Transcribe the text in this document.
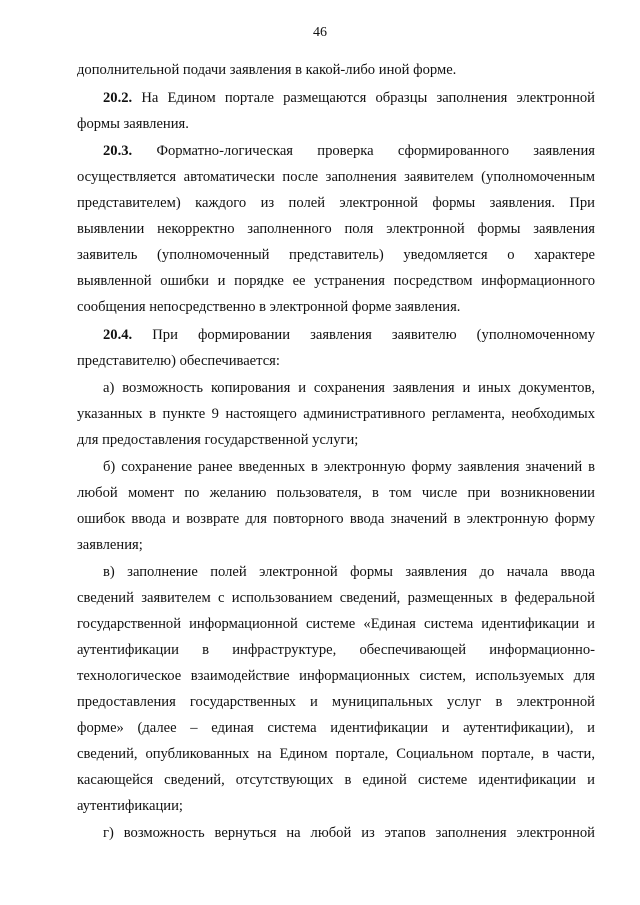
46
дополнительной подачи заявления в какой-либо иной форме.
20.2. На Едином портале размещаются образцы заполнения электронной
формы заявления.
20.3. Форматно-логическая проверка сформированного заявления
осуществляется автоматически после заполнения заявителем (уполномоченным
представителем) каждого из полей электронной формы заявления. При
выявлении некорректно заполненного поля электронной формы заявления
заявитель (уполномоченный представитель) уведомляется о характере
выявленной ошибки и порядке ее устранения посредством информационного
сообщения непосредственно в электронной форме заявления.
20.4. При формировании заявления заявителю (уполномоченному
представителю) обеспечивается:
а) возможность копирования и сохранения заявления и иных документов,
указанных в пункте 9 настоящего административного регламента, необходимых
для предоставления государственной услуги;
б) сохранение ранее введенных в электронную форму заявления значений в
любой момент по желанию пользователя, в том числе при возникновении
ошибок ввода и возврате для повторного ввода значений в электронную форму
заявления;
в) заполнение полей электронной формы заявления до начала ввода
сведений заявителем с использованием сведений, размещенных в федеральной
государственной информационной системе «Единая система идентификации и
аутентификации в инфраструктуре, обеспечивающей информационно-
технологическое взаимодействие информационных систем, используемых для
предоставления государственных и муниципальных услуг в электронной
форме» (далее – единая система идентификации и аутентификации), и
сведений, опубликованных на Едином портале, Социальном портале, в части,
касающейся сведений, отсутствующих в единой системе идентификации и
аутентификации;
г) возможность вернуться на любой из этапов заполнения электронной
